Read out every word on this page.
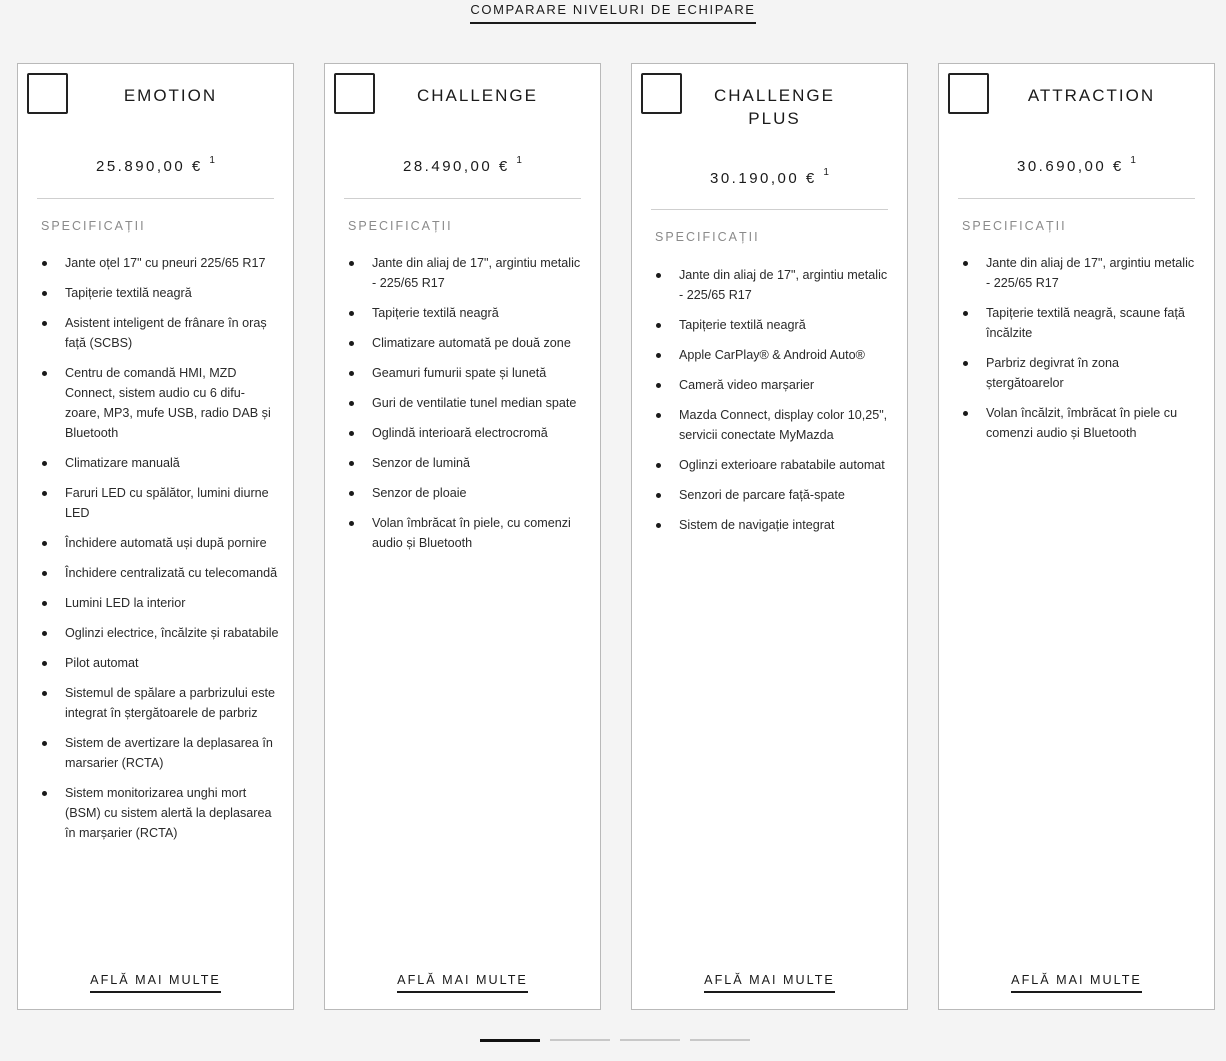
COMPARARE NIVELURI DE ECHIPARE
EMOTION
25.890,00 € $^1$
SPECIFICAȚII
Jante oțel 17" cu pneuri 225/65 R17
Tapițerie textilă neagră
Asistent inteligent de frânare în oraș față (SCBS)
Centru de comandă HMI, MZD Connect, sistem audio cu 6 difu-zoare, MP3, mufe USB, radio DAB și Bluetooth
Climatizare manuală
Faruri LED cu spălător, lumini diurne LED
Închidere automată uși după pornire
Închidere centralizată cu telecomandă
Lumini LED la interior
Oglinzi electrice, încălzite și rabatabile
Pilot automat
Sistemul de spălare a parbrizului este integrat în ștergătoarele de parbriz
Sistem de avertizare la deplasarea în marsarier (RCTA)
Sistem monitorizarea unghi mort (BSM) cu sistem alertă la deplasarea în marșarier (RCTA)
AFLĂ MAI MULTE
CHALLENGE
28.490,00 € $^1$
SPECIFICAȚII
Jante din aliaj de 17", argintiu metalic - 225/65 R17
Tapițerie textilă neagră
Climatizare automată pe două zone
Geamuri fumurii spate și lunetă
Guri de ventilatie tunel median spate
Oglindă interioară electrocromă
Senzor de lumină
Senzor de ploaie
Volan îmbrăcat în piele, cu comenzi audio și Bluetooth
AFLĂ MAI MULTE
CHALLENGE PLUS
30.190,00 € $^1$
SPECIFICAȚII
Jante din aliaj de 17", argintiu metalic - 225/65 R17
Tapițerie textilă neagră
Apple CarPlay® & Android Auto®
Cameră video marșarier
Mazda Connect, display color 10,25", servicii conectate MyMazda
Oglinzi exterioare rabatabile automat
Senzori de parcare față-spate
Sistem de navigație integrat
AFLĂ MAI MULTE
ATTRACTION
30.690,00 € $^1$
SPECIFICAȚII
Jante din aliaj de 17", argintiu metalic - 225/65 R17
Tapițerie textilă neagră, scaune față încălzite
Parbriz degivrat în zona ștergătoarelor
Volan încălzit, îmbrăcat în piele cu comenzi audio și Bluetooth
AFLĂ MAI MULTE
